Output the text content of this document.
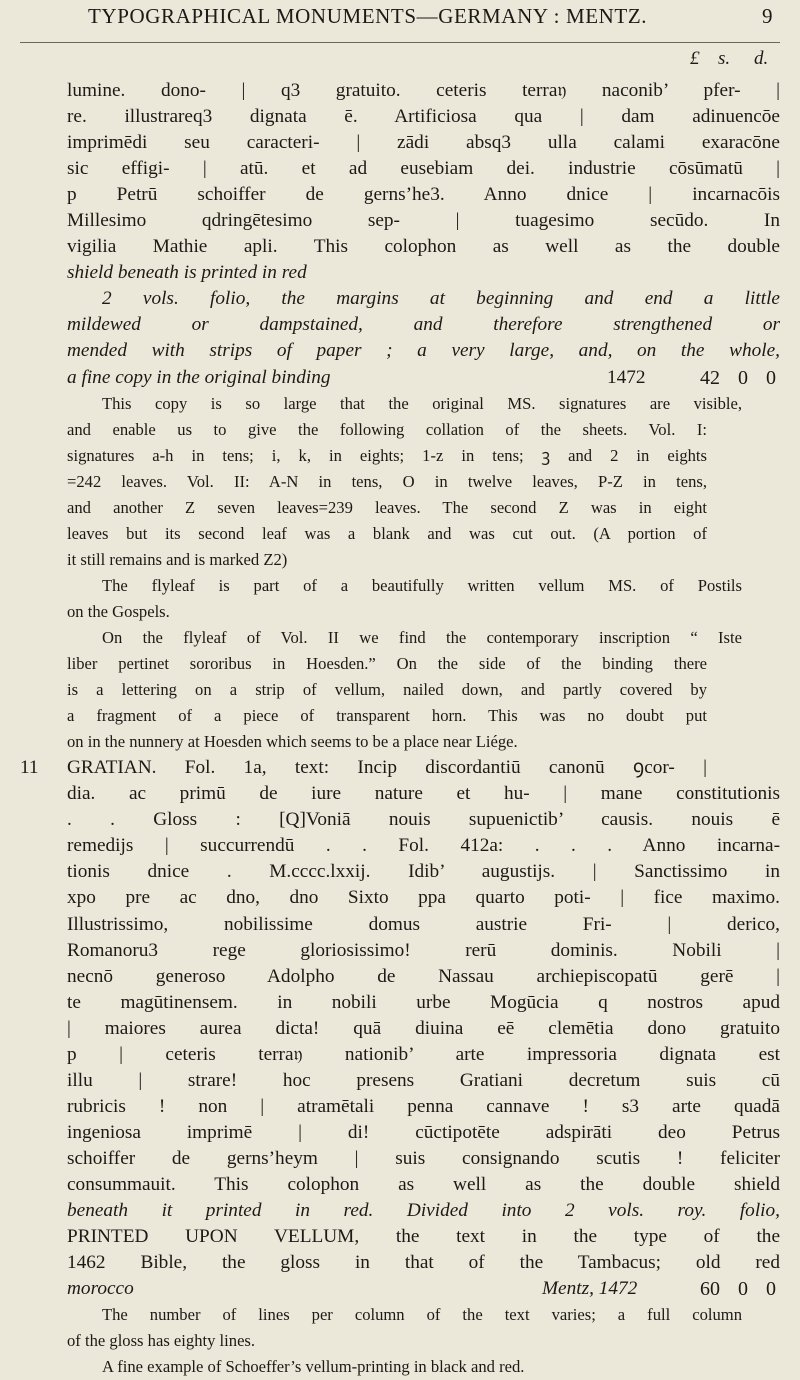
TYPOGRAPHICAL MONUMENTS—GERMANY : MENTZ.	9
£ s. d.
lumine. dono- | q3 gratuito. ceteris terra𝔶 naconib’ pfer- |
re. illustrareq3 dignata ē. Artificiosa qua | dam adinuencōe
imprimēdi seu caracteri- | zādi absq3 ulla calami exaracōne
sic effigi- | atū. et ad eusebiam dei. industrie cōsūmatū |
p Petrū schoiffer de gerns’he3. Anno dnice | incarnacōis
Millesimo qdringētesimo sep- | tuagesimo secūdo. In
vigilia Mathie apli. This colophon as well as the double
shield beneath is printed in red
2 vols. folio, the margins at beginning and end a little
mildewed or dampstained, and therefore strengthened or
mended with strips of paper ; a very large, and, on the whole,
a fine copy in the original binding	1472	42 0 0
This copy is so large that the original MS. signatures are visible,
and enable us to give the following collation of the sheets. Vol. I:
signatures a-h in tens; i, k, in eights; 1-z in tens; ꝫ and 2 in eights
=242 leaves. Vol. II: A-N in tens, O in twelve leaves, P-Z in tens,
and another Z seven leaves=239 leaves. The second Z was in eight
leaves but its second leaf was a blank and was cut out. (A portion of
it still remains and is marked Z2)
The flyleaf is part of a beautifully written vellum MS. of Postils
on the Gospels.
On the flyleaf of Vol. II we find the contemporary inscription “ Iste
liber pertinet sororibus in Hoesden.” On the side of the binding there
is a lettering on a strip of vellum, nailed down, and partly covered by
a fragment of a piece of transparent horn. This was no doubt put
on in the nunnery at Hoesden which seems to be a place near Liége.
11	GRATIAN. Fol. 1a, text: Incip discordantiū canonū ꝯcor- |
dia. ac primū de iure nature et hu- | mane constitutionis
. . Gloss : [Q]Voniā nouis supuenictib’ causis. nouis ē
remedijs | succurrendū . . Fol. 412a: . . . Anno incarna-
tionis dnice . M.cccc.lxxij. Idib’ augustijs. | Sanctissimo in
xpo pre ac dno, dno Sixto ppa quarto poti- | fice maximo.
Illustrissimo, nobilissime domus austrie Fri- | derico,
Romanoru3 rege gloriosissimo! rerū dominis. Nobili |
necnō generoso Adolpho de Nassau archiepiscopatū gerē |
te magūtinensem. in nobili urbe Mogūcia q nostros apud
| maiores aurea dicta! quā diuina eē clemētia dono gratuito
p | ceteris terra𝔶 nationib’ arte impressoria dignata est
illu | strare! hoc presens Gratiani decretum suis cū
rubricis ! non | atramētali penna cannave ! s3 arte quadā
ingeniosa imprimē | di! cūctipotēte adspirāti deo Petrus
schoiffer de gerns’heym | suis consignando scutis ! feliciter
consummauit. This colophon as well as the double shield
beneath it printed in red. Divided into 2 vols. roy. folio,
PRINTED UPON VELLUM, the text in the type of the
1462 Bible, the gloss in that of the Tambacus; old red
morocco	Mentz, 1472	60 0 0
The number of lines per column of the text varies; a full column
of the gloss has eighty lines.
A fine example of Schoeffer’s vellum-printing in black and red.
